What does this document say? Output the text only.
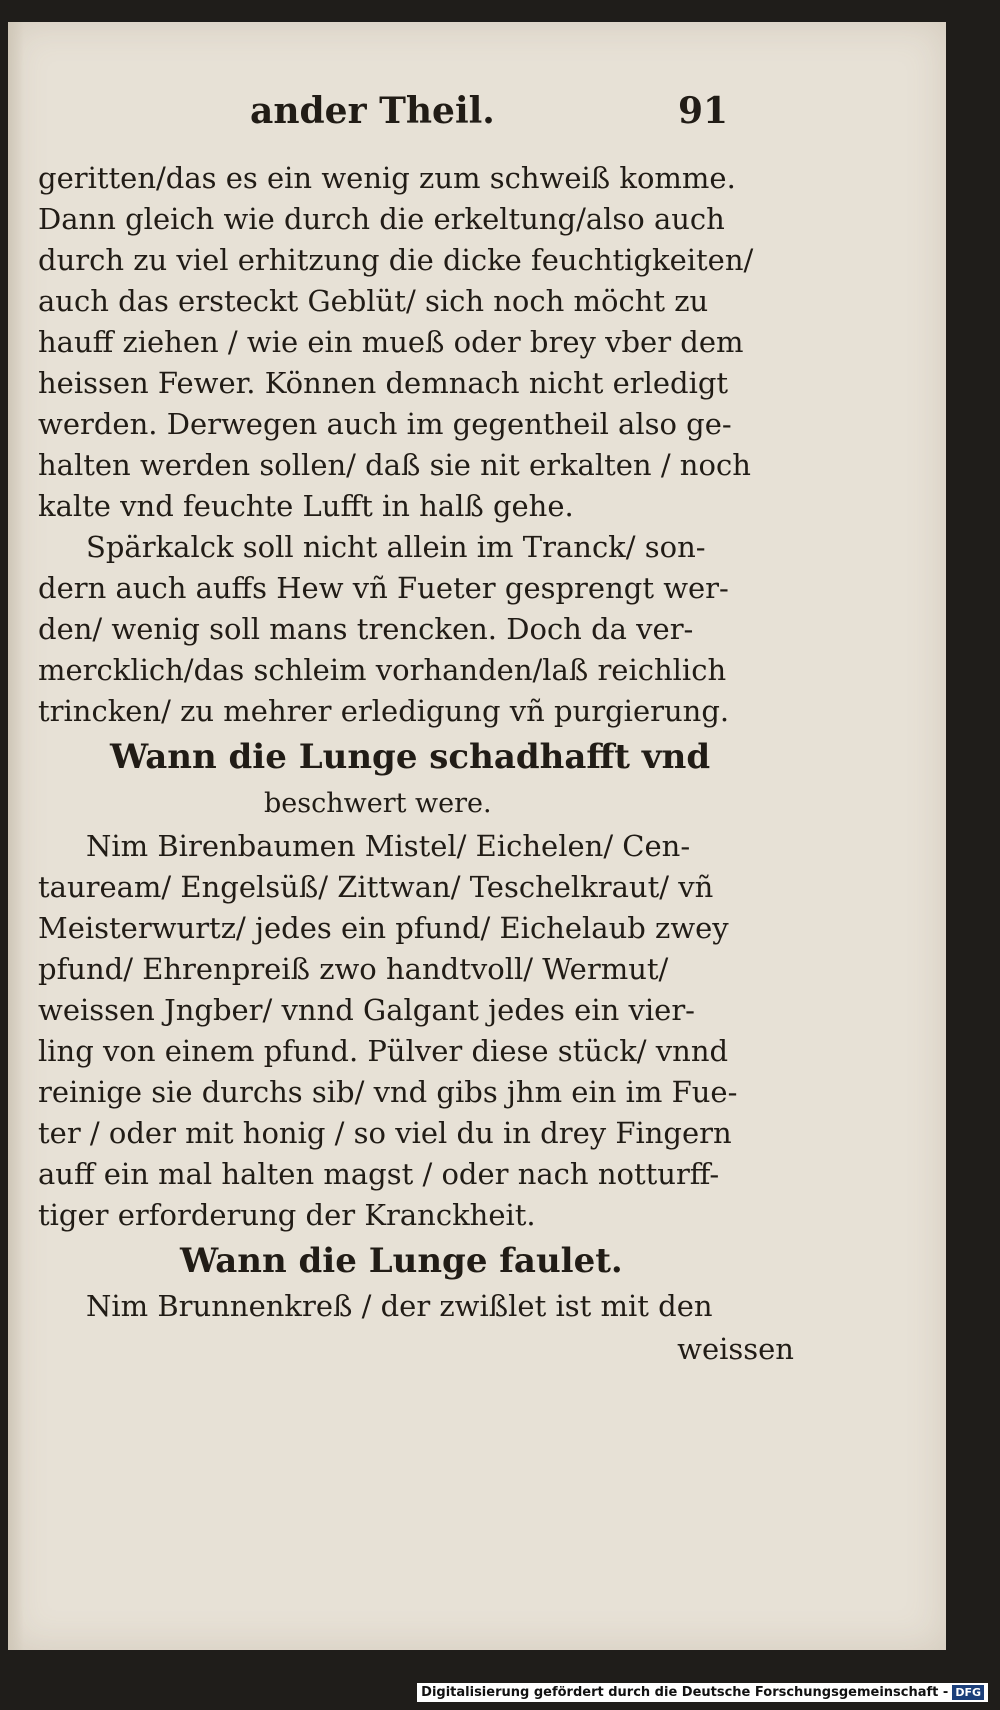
ander Theil.	91
geritten/das es ein wenig zum schweiß komme.
Dann gleich wie durch die erkeltung/also auch
durch zu viel erhitzung die dicke feuchtigkeiten/
auch das ersteckt Geblüt/ sich noch möcht zu
hauff ziehen / wie ein mueß oder brey vber dem
heissen Fewer. Können demnach nicht erledigt
werden. Derwegen auch im gegentheil also ge-
halten werden sollen/ daß sie nit erkalten / noch
kalte vnd feuchte Lufft in halß gehe.
Spärkalck soll nicht allein im Tranck/ son-
dern auch auffs Hew vñ Fueter gesprengt wer-
den/ wenig soll mans trencken. Doch da ver-
mercklich/das schleim vorhanden/laß reichlich
trincken/ zu mehrer erledigung vñ purgierung.
Wann die Lunge schadhafft vnd
beschwert were.
Nim Birenbaumen Mistel/ Eichelen/ Cen-
tauream/ Engelsüß/ Zittwan/ Teschelkraut/ vñ
Meisterwurtz/ jedes ein pfund/ Eichelaub zwey
pfund/ Ehrenpreiß zwo handtvoll/ Wermut/
weissen Jngber/ vnnd Galgant jedes ein vier-
ling von einem pfund. Pülver diese stück/ vnnd
reinige sie durchs sib/ vnd gibs jhm ein im Fue-
ter / oder mit honig / so viel du in drey Fingern
auff ein mal halten magst / oder nach notturff-
tiger erforderung der Kranckheit.
Wann die Lunge faulet.
Nim Brunnenkreß / der zwißlet ist mit den
weissen
Digitalisierung gefördert durch die Deutsche Forschungsgemeinschaft - DFG
